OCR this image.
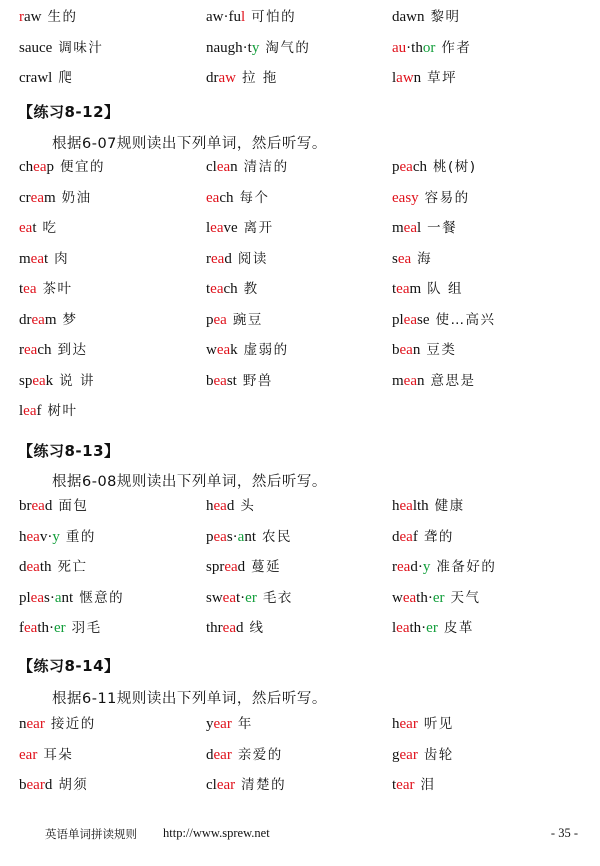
raw 生的	aw·ful 可怕的	dawn 黎明
sauce 调味汁	naugh·ty 淘气的	au·thor 作者
crawl 爬	draw 拉 拖	lawn 草坪
【练习8-12】
根据6-07规则读出下列单词，然后听写。
cheap 便宜的	clean 清洁的	peach 桃(树)
cream 奶油	each 每个	easy 容易的
eat 吃	leave 离开	meal 一餐
meat 肉	read 阅读	sea 海
tea 茶叶	teach 教	team 队 组
dream 梦	pea 豌豆	please 使…高兴
reach 到达	weak 虚弱的	bean 豆类
speak 说 讲	beast 野兽	mean 意思是
leaf 树叶
【练习8-13】
根据6-08规则读出下列单词，然后听写。
bread 面包	head 头	health 健康
heav·y 重的	peas·ant 农民	deaf 聋的
death 死亡	spread 蔓延	read·y 准备好的
pleas·ant 惬意的	sweat·er 毛衣	weath·er 天气
feath·er 羽毛	thread 线	leath·er 皮革
【练习8-14】
根据6-11规则读出下列单词，然后听写。
near 接近的	year 年	hear 听见
ear 耳朵	dear 亲爱的	gear 齿轮
beard 胡须	clear 清楚的	tear 泪
英语单词拼读规则 http://www.sprew.net	- 35 -
